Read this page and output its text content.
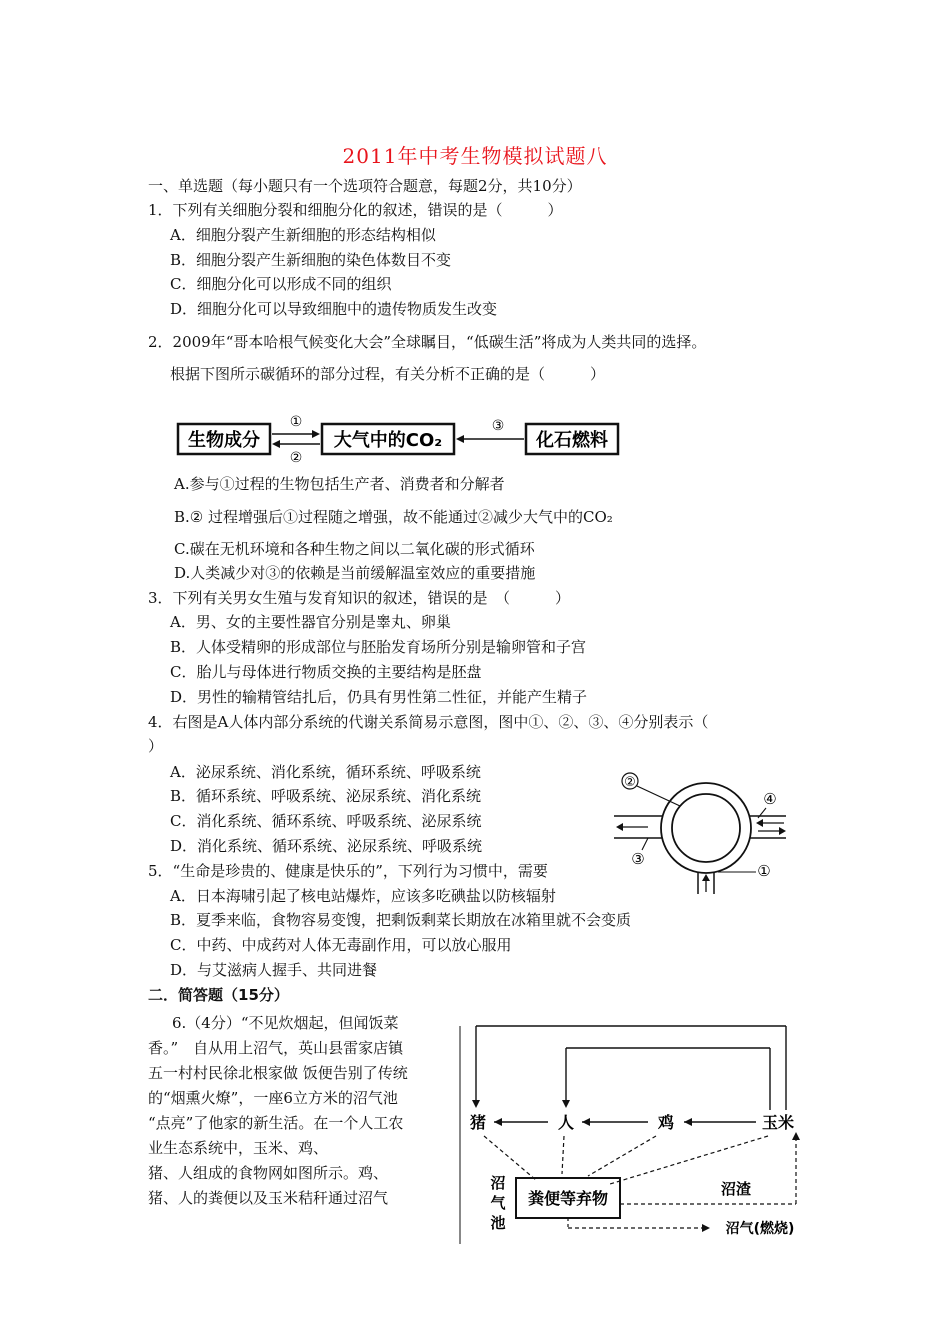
2011年中考生物模拟试题八
一、单选题（每小题只有一个选项符合题意，每题2分，共10分）
1．下列有关细胞分裂和细胞分化的叙述，错误的是（　　　）
A．细胞分裂产生新细胞的形态结构相似
B．细胞分裂产生新细胞的染色体数目不变
C．细胞分化可以形成不同的组织
D．细胞分化可以导致细胞中的遗传物质发生改变
2．2009年“哥本哈根气候变化大会”全球瞩目，“低碳生活”将成为人类共同的选择。
根据下图所示碳循环的部分过程，有关分析不正确的是（　　　）
生物成分	大气中的CO₂	化石燃料
①
②
③
A.参与①过程的生物包括生产者、消费者和分解者
B.② 过程增强后①过程随之增强，故不能通过②减少大气中的CO₂
C.碳在无机环境和各种生物之间以二氧化碳的形式循环
D.人类减少对③的依赖是当前缓解温室效应的重要措施
3．下列有关男女生殖与发育知识的叙述，错误的是　（　　　）
A．男、女的主要性器官分别是睾丸、卵巢
B．人体受精卵的形成部位与胚胎发育场所分别是输卵管和子宫
C．胎儿与母体进行物质交换的主要结构是胚盘
D．男性的输精管结扎后，仍具有男性第二性征，并能产生精子
4．右图是A人体内部分系统的代谢关系简易示意图，图中①、②、③、④分别表示（
）
A．泌尿系统、消化系统，循环系统、呼吸系统
B．循环系统、呼吸系统、泌尿系统、消化系统
C．消化系统、循环系统、呼吸系统、泌尿系统
D．消化系统、循环系统、泌尿系统、呼吸系统
②
④
③
①
5．“生命是珍贵的、健康是快乐的”，下列行为习惯中，需要
A．日本海啸引起了核电站爆炸，应该多吃碘盐以防核辐射
B．夏季来临，食物容易变馊，把剩饭剩菜长期放在冰箱里就不会变质
C．中药、中成药对人体无毒副作用，可以放心服用
D．与艾滋病人握手、共同进餐
二．简答题（15分）
6.（4分）“不见炊烟起，但闻饭菜
香。”　自从用上沼气，英山县雷家店镇
五一村村民徐北根家做 饭便告别了传统
的“烟熏火燎”，一座6立方米的沼气池
“点亮”了他家的新生活。在一个人工农
业生态系统中，玉米、鸡、
猪、人组成的食物网如图所示。鸡、
猪、人的粪便以及玉米秸秆通过沼气
猪	人	鸡	玉米
粪便等弃物
沼
气
池
沼渣
沼气(燃烧)
